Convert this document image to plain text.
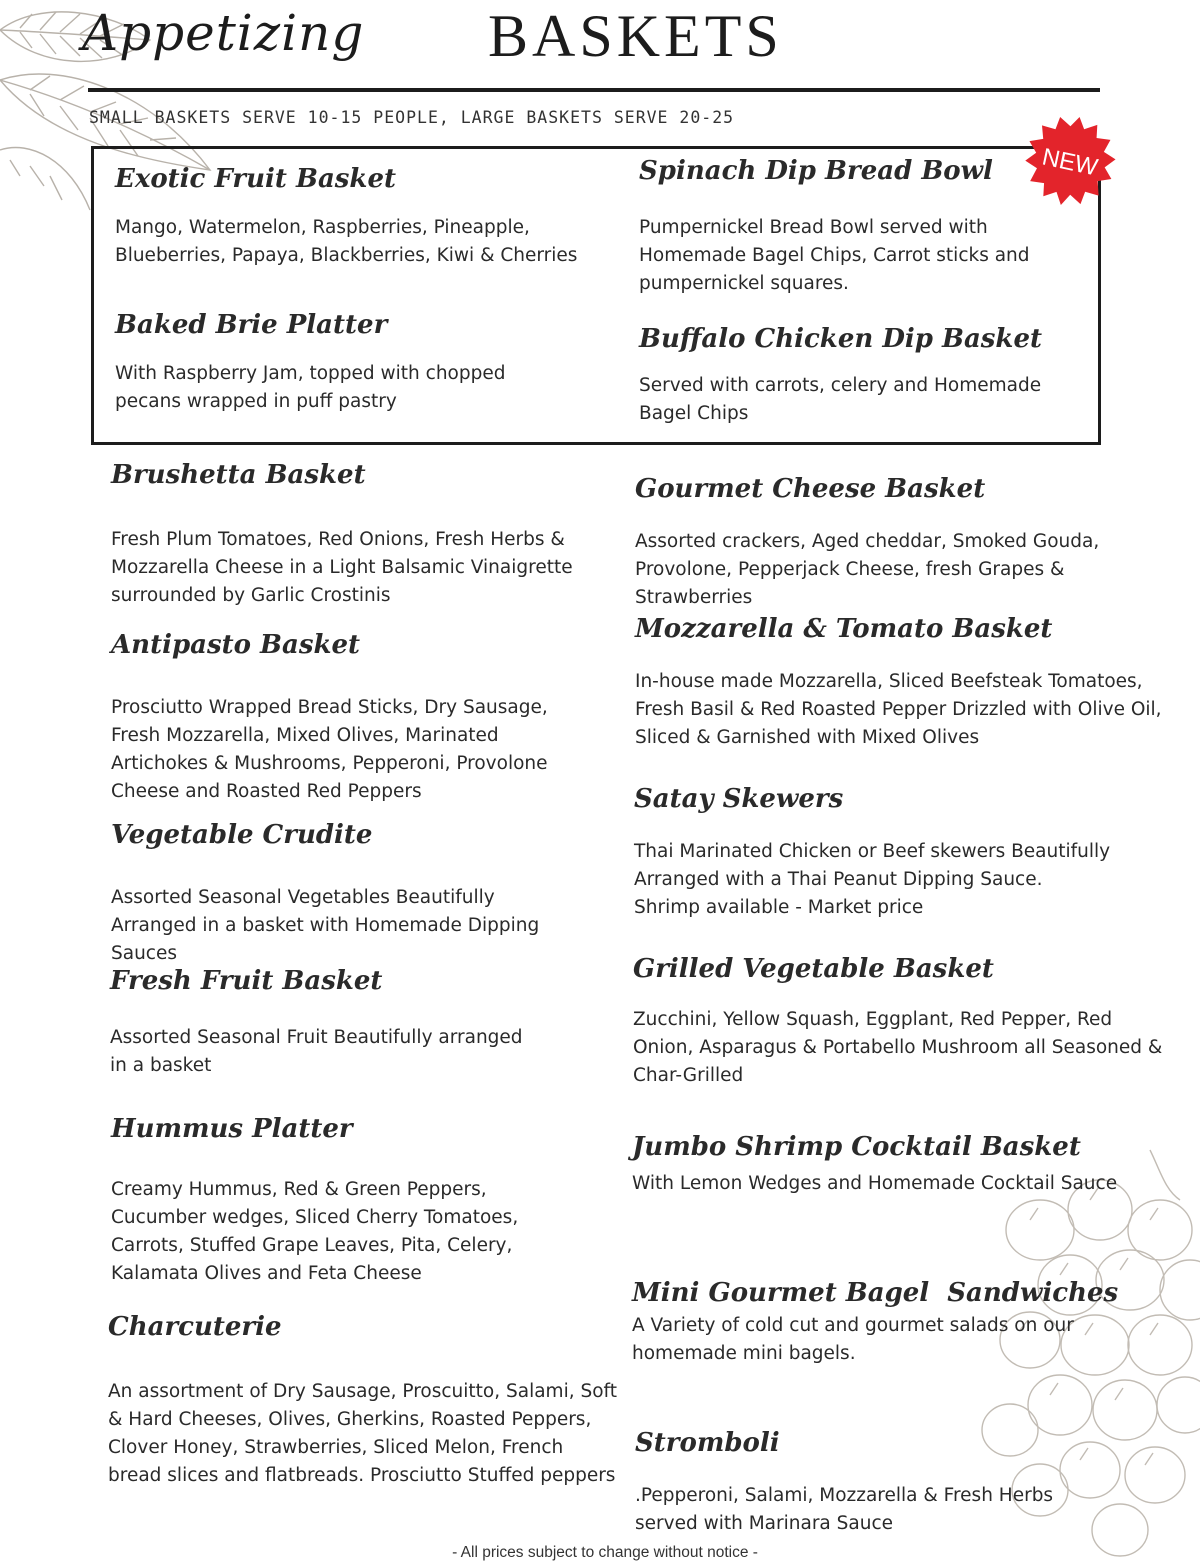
Appetizing BASKETS
SMALL BASKETS SERVE 10-15 PEOPLE, LARGE BASKETS SERVE 20-25
NEW
Exotic Fruit Basket

Mango, Watermelon, Raspberries, Pineapple, Blueberries, Papaya, Blackberries, Kiwi & Cherries

Spinach Dip Bread Bowl

Pumpernickel Bread Bowl served with Homemade Bagel Chips, Carrot sticks and pumpernickel squares.

Baked Brie Platter

With Raspberry Jam, topped with chopped pecans wrapped in puff pastry

Buffalo Chicken Dip Basket

Served with carrots, celery and Homemade Bagel Chips

Brushetta Basket

Fresh Plum Tomatoes, Red Onions, Fresh Herbs & Mozzarella Cheese in a Light Balsamic Vinaigrette surrounded by Garlic Crostinis

Antipasto Basket

Prosciutto Wrapped Bread Sticks, Dry Sausage, Fresh Mozzarella, Mixed Olives, Marinated Artichokes & Mushrooms, Pepperoni, Provolone Cheese and Roasted Red Peppers

Vegetable Crudite

Assorted Seasonal Vegetables Beautifully Arranged in a basket with Homemade Dipping Sauces

Fresh Fruit Basket

Assorted Seasonal Fruit Beautifully arranged in a basket

Hummus Platter

Creamy Hummus, Red & Green Peppers, Cucumber wedges, Sliced Cherry Tomatoes, Carrots, Stuffed Grape Leaves, Pita, Celery, Kalamata Olives and Feta Cheese

Charcuterie

An assortment of Dry Sausage, Proscuitto, Salami, Soft & Hard Cheeses, Olives, Gherkins, Roasted Peppers, Clover Honey, Strawberries, Sliced Melon, French bread slices and flatbreads. Prosciutto Stuffed peppers

Gourmet Cheese Basket

Assorted crackers, Aged cheddar, Smoked Gouda, Provolone, Pepperjack Cheese, fresh Grapes & Strawberries

Mozzarella & Tomato Basket

In-house made Mozzarella, Sliced Beefsteak Tomatoes, Fresh Basil & Red Roasted Pepper Drizzled with Olive Oil, Sliced & Garnished with Mixed Olives

Satay Skewers

Thai Marinated Chicken or Beef skewers Beautifully Arranged with a Thai Peanut Dipping Sauce. Shrimp available - Market price

Grilled Vegetable Basket

Zucchini, Yellow Squash, Eggplant, Red Pepper, Red Onion, Asparagus & Portabello Mushroom all Seasoned & Char-Grilled

Jumbo Shrimp Cocktail Basket

With Lemon Wedges and Homemade Cocktail Sauce

Mini Gourmet Bagel  Sandwiches

A Variety of cold cut and gourmet salads on our homemade mini bagels.

Stromboli

.Pepperoni, Salami, Mozzarella & Fresh Herbs served with Marinara Sauce

- All prices subject to change without notice -
